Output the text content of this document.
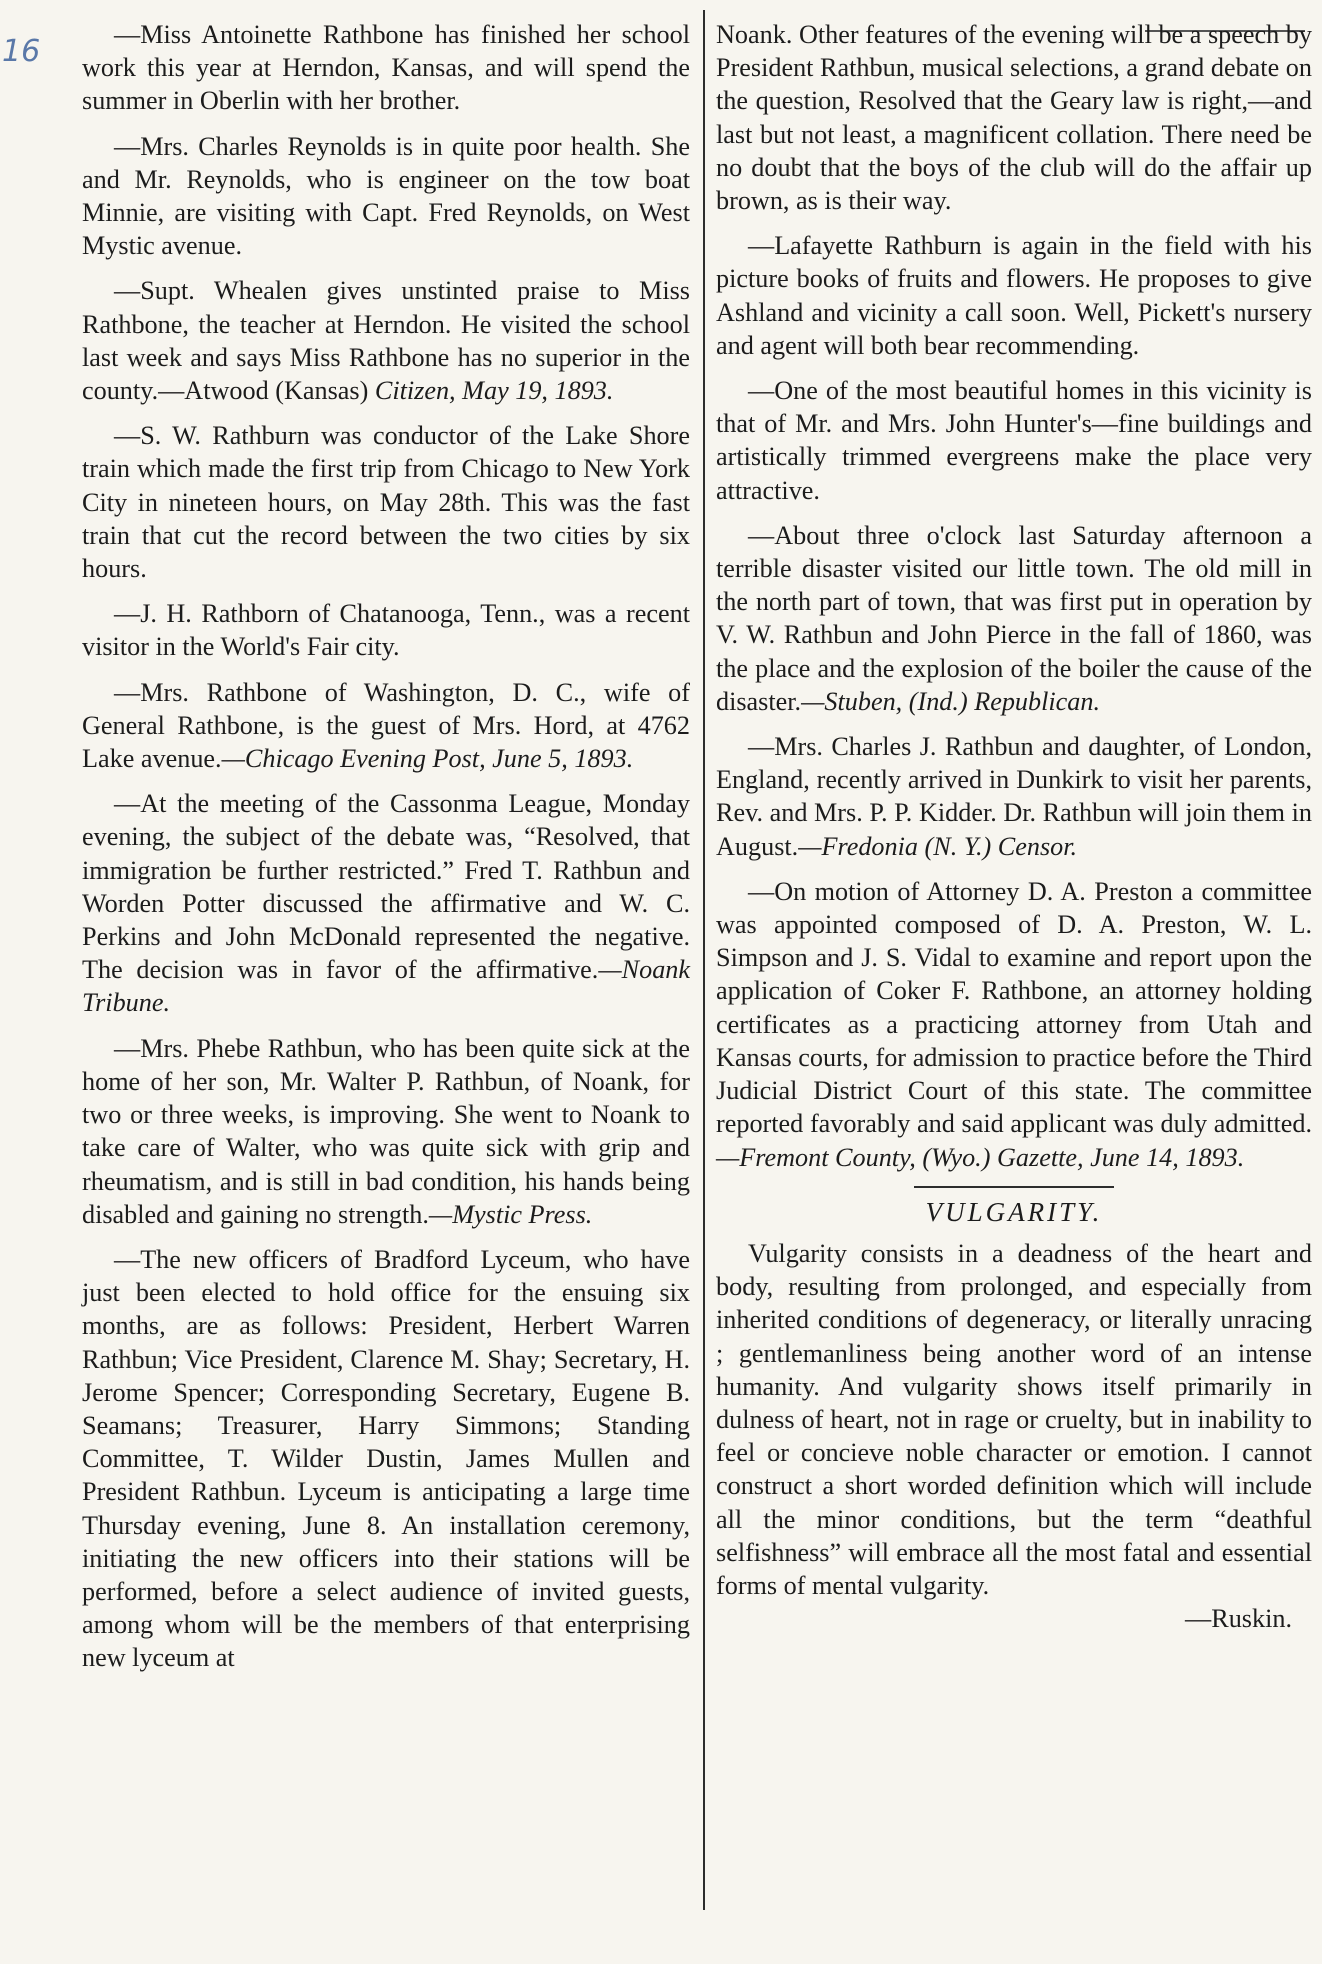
16	—Miss Antoinette Rathbone has finished her school work this year at Herndon, Kansas, and will spend the summer in Oberlin with her brother.

—Mrs. Charles Reynolds is in quite poor health. She and Mr. Reynolds, who is engineer on the tow boat Minnie, are visiting with Capt. Fred Reynolds, on West Mystic avenue.

—Supt. Whealen gives unstinted praise to Miss Rathbone, the teacher at Herndon. He visited the school last week and says Miss Rathbone has no superior in the county.—Atwood (Kansas) Citizen, May 19, 1893.

—S. W. Rathburn was conductor of the Lake Shore train which made the first trip from Chicago to New York City in nineteen hours, on May 28th. This was the fast train that cut the record between the two cities by six hours.

—J. H. Rathborn of Chatanooga, Tenn., was a recent visitor in the World's Fair city.

—Mrs. Rathbone of Washington, D. C., wife of General Rathbone, is the guest of Mrs. Hord, at 4762 Lake avenue.—Chicago Evening Post, June 5, 1893.

—At the meeting of the Cassonma League, Monday evening, the subject of the debate was, “Resolved, that immigration be further restricted.” Fred T. Rathbun and Worden Potter discussed the affirmative and W. C. Perkins and John McDonald represented the negative. The decision was in favor of the affirmative.—Noank Tribune.

—Mrs. Phebe Rathbun, who has been quite sick at the home of her son, Mr. Walter P. Rathbun, of Noank, for two or three weeks, is improving. She went to Noank to take care of Walter, who was quite sick with grip and rheumatism, and is still in bad condition, his hands being disabled and gaining no strength.—Mystic Press.

—The new officers of Bradford Lyceum, who have just been elected to hold office for the ensuing six months, are as follows: President, Herbert Warren Rathbun; Vice President, Clarence M. Shay; Secretary, H. Jerome Spencer; Corresponding Secretary, Eugene B. Seamans; Treasurer, Harry Simmons; Standing Committee, T. Wilder Dustin, James Mullen and President Rathbun. Lyceum is anticipating a large time Thursday evening, June 8. An installation ceremony, initiating the new officers into their stations will be performed, before a select audience of invited guests, among whom will be the members of that enterprising new lyceum at

Noank. Other features of the evening will be a speech by President Rathbun, musical selections, a grand debate on the question, Resolved that the Geary law is right,—and last but not least, a magnificent collation. There need be no doubt that the boys of the club will do the affair up brown, as is their way.

—Lafayette Rathburn is again in the field with his picture books of fruits and flowers. He proposes to give Ashland and vicinity a call soon. Well, Pickett's nursery and agent will both bear recommending.

—One of the most beautiful homes in this vicinity is that of Mr. and Mrs. John Hunter's—fine buildings and artistically trimmed evergreens make the place very attractive.

—About three o'clock last Saturday afternoon a terrible disaster visited our little town. The old mill in the north part of town, that was first put in operation by V. W. Rathbun and John Pierce in the fall of 1860, was the place and the explosion of the boiler the cause of the disaster.—Stuben, (Ind.) Republican.

—Mrs. Charles J. Rathbun and daughter, of London, England, recently arrived in Dunkirk to visit her parents, Rev. and Mrs. P. P. Kidder. Dr. Rathbun will join them in August.—Fredonia (N. Y.) Censor.

—On motion of Attorney D. A. Preston a committee was appointed composed of D. A. Preston, W. L. Simpson and J. S. Vidal to examine and report upon the application of Coker F. Rathbone, an attorney holding certificates as a practicing attorney from Utah and Kansas courts, for admission to practice before the Third Judicial District Court of this state. The committee reported favorably and said applicant was duly admitted.—Fremont County, (Wyo.) Gazette, June 14, 1893.

VULGARITY.

Vulgarity consists in a deadness of the heart and body, resulting from prolonged, and especially from inherited conditions of degeneracy, or literally unracing ; gentlemanliness being another word of an intense humanity. And vulgarity shows itself primarily in dulness of heart, not in rage or cruelty, but in inability to feel or concieve noble character or emotion. I cannot construct a short worded definition which will include all the minor conditions, but the term “deathful selfishness” will embrace all the most fatal and essential forms of mental vulgarity.

—Ruskin.
